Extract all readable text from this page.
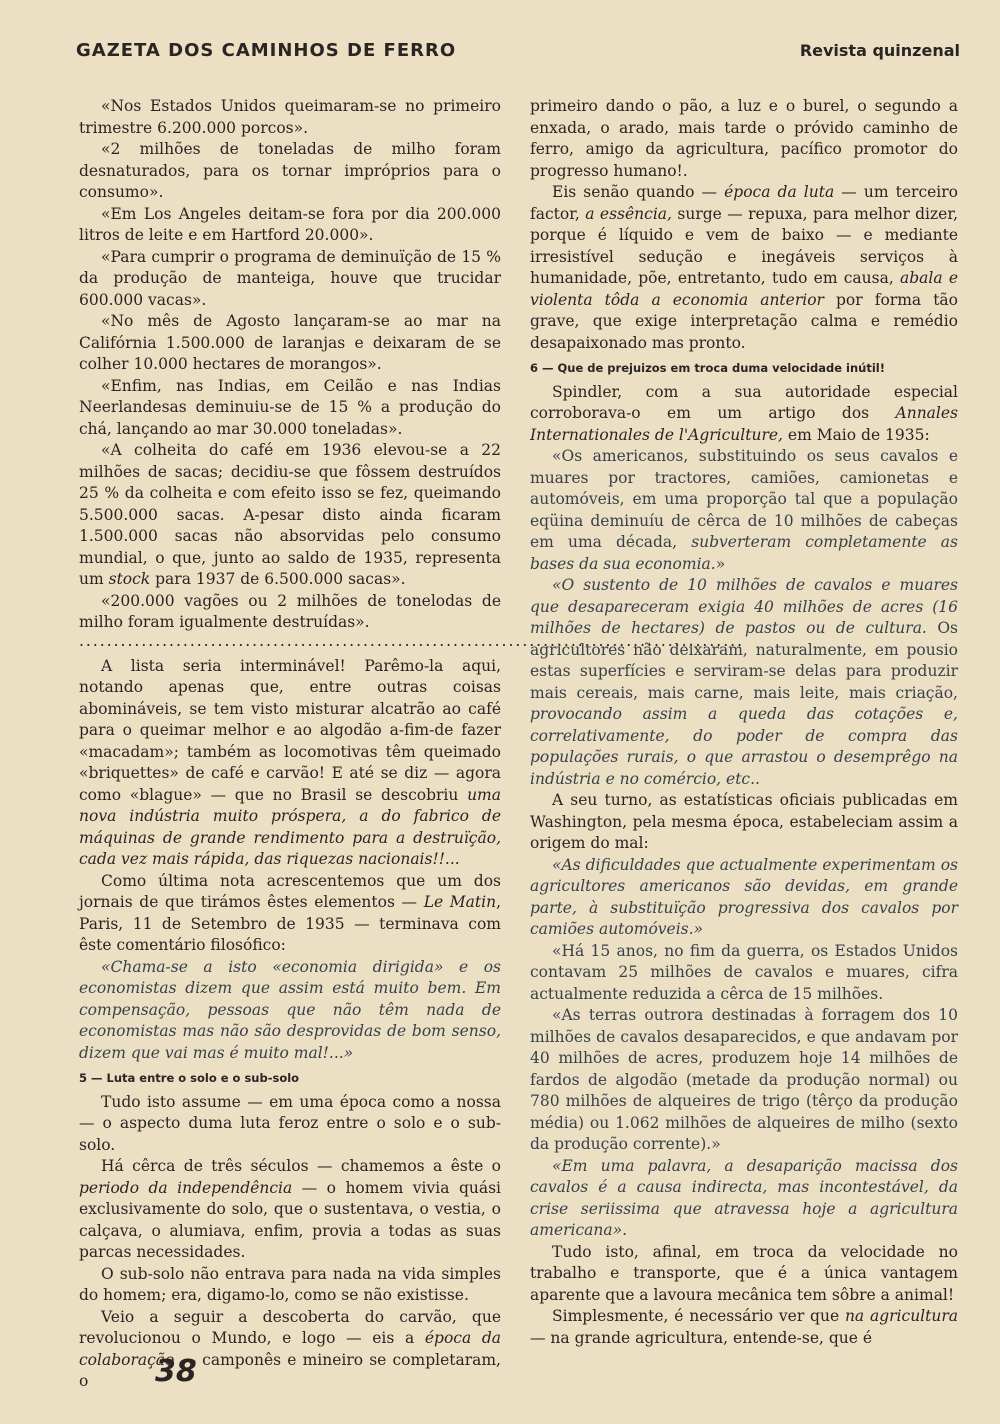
GAZETA DOS CAMINHOS DE FERRO	Revista quinzenal

«Nos Estados Unidos queimaram-se no primeiro trimestre 6.200.000 porcos».

«2 milhões de toneladas de milho foram desnaturados, para os tornar impróprios para o consumo».

«Em Los Angeles deitam-se fora por dia 200.000 litros de leite e em Hartford 20.000».

«Para cumprir o programa de deminuïção de 15 % da produção de manteiga, houve que trucidar 600.000 vacas».

«No mês de Agosto lançaram-se ao mar na Califórnia 1.500.000 de laranjas e deixaram de se colher 10.000 hectares de morangos».

«Enfim, nas Indias, em Ceilão e nas Indias Neerlandesas deminuiu-se de 15 % a produção do chá, lançando ao mar 30.000 toneladas».

«A colheita do café em 1936 elevou-se a 22 milhões de sacas; decidiu-se que fôssem destruídos 25 % da colheita e com efeito isso se fez, queimando 5.500.000 sacas. A-pesar disto ainda ficaram 1.500.000 sacas não absorvidas pelo consumo mundial, o que, junto ao saldo de 1935, representa um stock para 1937 de 6.500.000 sacas».

«200.000 vagões ou 2 milhões de tonelodas de milho foram igualmente destruídas».

................................................................................................

A lista seria interminável! Parêmo-la aqui, notando apenas que, entre outras coisas abomináveis, se tem visto misturar alcatrão ao café para o queimar melhor e ao algodão a-fim-de fazer «macadam»; também as locomotivas têm queimado «briquettes» de café e carvão! E até se diz — agora como «blague» — que no Brasil se descobriu uma nova indústria muito próspera, a do fabrico de máquinas de grande rendimento para a destruïção, cada vez mais rápida, das riquezas nacionais!!...

Como última nota acrescentemos que um dos jornais de que tirámos êstes elementos — Le Matin, Paris, 11 de Setembro de 1935 — terminava com êste comentário filosófico:

«Chama-se a isto «economia dirigida» e os economistas dizem que assim está muito bem. Em compensação, pessoas que não têm nada de economistas mas não são desprovidas de bom senso, dizem que vai mas é muito mal!...»

5 — Luta entre o solo e o sub-solo

Tudo isto assume — em uma época como a nossa — o aspecto duma luta feroz entre o solo e o sub-solo.

Há cêrca de três séculos — chamemos a êste o periodo da independência — o homem vivia quási exclusivamente do solo, que o sustentava, o vestia, o calçava, o alumiava, enfim, provia a todas as suas parcas necessidades.

O sub-solo não entrava para nada na vida simples do homem; era, digamo-lo, como se não existisse.

Veio a seguir a descoberta do carvão, que revolucionou o Mundo, e logo — eis a época da colaboração — camponês e mineiro se completaram, o

primeiro dando o pão, a luz e o burel, o segundo a enxada, o arado, mais tarde o próvido caminho de ferro, amigo da agricultura, pacífico promotor do progresso humano!.

Eis senão quando — época da luta — um terceiro factor, a essência, surge — repuxa, para melhor dizer, porque é líquido e vem de baixo — e mediante irresistível sedução e inegáveis serviços à humanidade, põe, entretanto, tudo em causa, abala e violenta tôda a economia anterior por forma tão grave, que exige interpretação calma e remédio desapaixonado mas pronto.

6 — Que de prejuizos em troca duma velocidade inútil!

Spindler, com a sua autoridade especial corroborava-o em um artigo dos Annales Internationales de l'Agriculture, em Maio de 1935:

«Os americanos, substituindo os seus cavalos e muares por tractores, camiões, camionetas e automóveis, em uma proporção tal que a população eqüina deminuíu de cêrca de 10 milhões de cabeças em uma década, subverteram completamente as bases da sua economia.»

«O sustento de 10 milhões de cavalos e muares que desapareceram exigia 40 milhões de acres (16 milhões de hectares) de pastos ou de cultura. Os agricultores não deixaram, naturalmente, em pousio estas superfícies e serviram-se delas para produzir mais cereais, mais carne, mais leite, mais criação, provocando assim a queda das cotações e, correlativamente, do poder de compra das populações rurais, o que arrastou o desemprêgo na indústria e no comércio, etc..

A seu turno, as estatísticas oficiais publicadas em Washington, pela mesma época, estabeleciam assim a origem do mal:

«As dificuldades que actualmente experimentam os agricultores americanos são devidas, em grande parte, à substituïção progressiva dos cavalos por camiões automóveis.»

«Há 15 anos, no fim da guerra, os Estados Unidos contavam 25 milhões de cavalos e muares, cifra actualmente reduzida a cêrca de 15 milhões.

«As terras outrora destinadas à forragem dos 10 milhões de cavalos desaparecidos, e que andavam por 40 milhões de acres, produzem hoje 14 milhões de fardos de algodão (metade da produção normal) ou 780 milhões de alqueires de trigo (têrço da produção média) ou 1.062 milhões de alqueires de milho (sexto da produção corrente).»

«Em uma palavra, a desaparição macissa dos cavalos é a causa indirecta, mas incontestável, da crise seriissima que atravessa hoje a agricultura americana».

Tudo isto, afinal, em troca da velocidade no trabalho e transporte, que é a única vantagem aparente que a lavoura mecânica tem sôbre a animal!

Simplesmente, é necessário ver que na agricultura — na grande agricultura, entende-se, que é

38
